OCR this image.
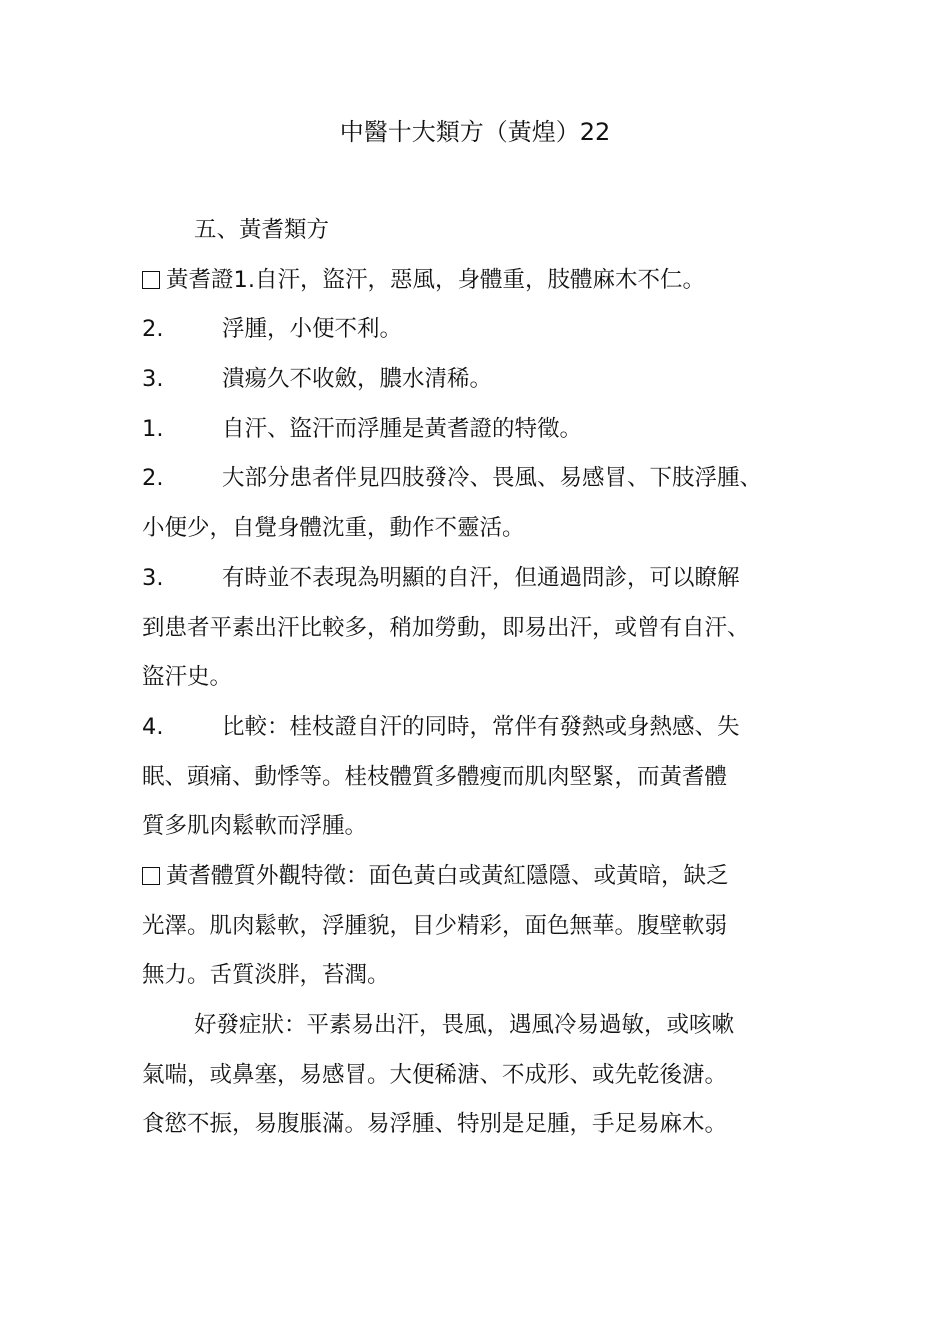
中醫十大類方（黃煌）22
五、黃耆類方
黃耆證1.自汗，盜汗，惡風，身體重，肢體麻木不仁。
2.	浮腫，小便不利。
3.	潰瘍久不收斂，膿水清稀。
1.	自汗、盜汗而浮腫是黃耆證的特徵。
2.	大部分患者伴見四肢發冷、畏風、易感冒、下肢浮腫、
小便少，自覺身體沈重，動作不靈活。
3.	有時並不表現為明顯的自汗，但通過問診，可以瞭解
到患者平素出汗比較多，稍加勞動，即易出汗，或曾有自汗、
盜汗史。
4.	比較：桂枝證自汗的同時，常伴有發熱或身熱感、失
眠、頭痛、動悸等。桂枝體質多體瘦而肌肉堅緊，而黃耆體
質多肌肉鬆軟而浮腫。
黃耆體質外觀特徵：面色黃白或黃紅隱隱、或黃暗，缺乏
光澤。肌肉鬆軟，浮腫貌，目少精彩，面色無華。腹壁軟弱
無力。舌質淡胖，苔潤。
好發症狀：平素易出汗，畏風，遇風冷易過敏，或咳嗽
氣喘，或鼻塞，易感冒。大便稀溏、不成形、或先乾後溏。
食慾不振，易腹脹滿。易浮腫、特別是足腫，手足易麻木。
